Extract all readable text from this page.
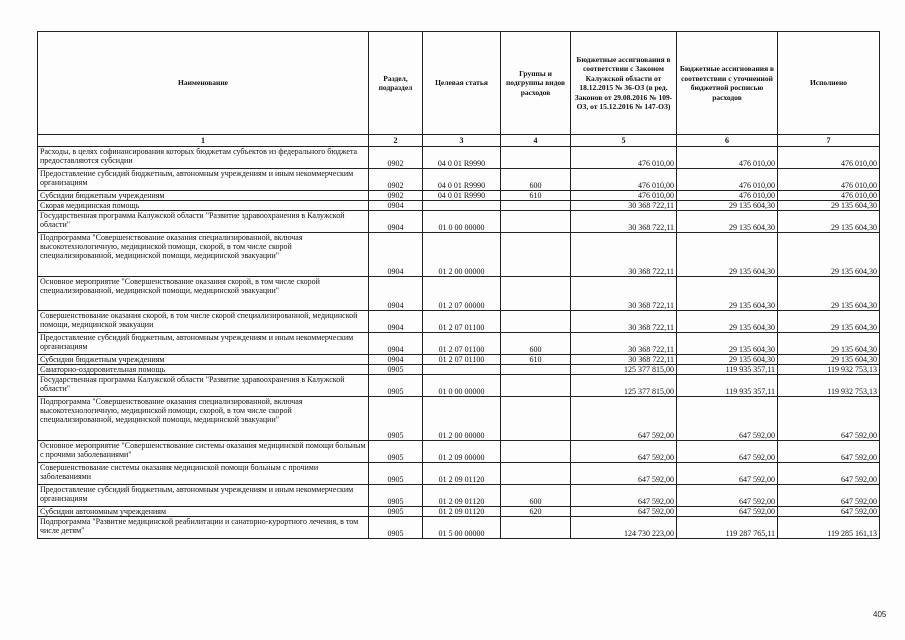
Наименование	Раздел, подраздел	Целевая статья	Группы и подгруппы видов расходов	Бюджетные ассигнования в соответствии с Законом Калужской области от 18.12.2015 № 36-ОЗ (в ред. Законов от 29.08.2016 № 109-ОЗ, от 15.12.2016 № 147-ОЗ)	Бюджетные ассигнования в соответствии с уточненной бюджетной росписью расходов	Исполнено
1	2	3	4	5	6	7
Расходы, в целях софинансирования которых бюджетам субъектов из федерального бюджета предоставляются субсидии	0902	04 0 01 R9990		476 010,00	476 010,00	476 010,00
Предоставление субсидий бюджетным, автономным учреждениям и иным некоммерческим организациям	0902	04 0 01 R9990	600	476 010,00	476 010,00	476 010,00
Субсидии бюджетным учреждениям	0902	04 0 01 R9990	610	476 010,00	476 010,00	476 010,00
Скорая медицинская помощь	0904			30 368 722,11	29 135 604,30	29 135 604,30
Государственная программа Калужской области "Развитие здравоохранения в Калужской области"	0904	01 0 00 00000		30 368 722,11	29 135 604,30	29 135 604,30
Подпрограмма "Совершенствование оказания специализированной, включая высокотехнологичную, медицинской помощи, скорой, в том числе скорой специализированной, медицинской помощи, медицинской эвакуации"	0904	01 2 00 00000		30 368 722,11	29 135 604,30	29 135 604,30
Основное мероприятие "Совершенствование оказания скорой, в том числе скорой специализированной, медицинской помощи, медицинской эвакуации"	0904	01 2 07 00000		30 368 722,11	29 135 604,30	29 135 604,30
Совершенствование оказания скорой, в том числе скорой специализированной, медицинской помощи, медицинской эвакуации	0904	01 2 07 01100		30 368 722,11	29 135 604,30	29 135 604,30
Предоставление субсидий бюджетным, автономным учреждениям и иным некоммерческим организациям	0904	01 2 07 01100	600	30 368 722,11	29 135 604,30	29 135 604,30
Субсидии бюджетным учреждениям	0904	01 2 07 01100	610	30 368 722,11	29 135 604,30	29 135 604,30
Санаторно-оздоровительная помощь	0905			125 377 815,00	119 935 357,11	119 932 753,13
Государственная программа Калужской области "Развитие здравоохранения в Калужской области"	0905	01 0 00 00000		125 377 815,00	119 935 357,11	119 932 753,13
Подпрограмма "Совершенствование оказания специализированной, включая высокотехнологичную, медицинской помощи, скорой, в том числе скорой специализированной, медицинской помощи, медицинской эвакуации"	0905	01 2 00 00000		647 592,00	647 592,00	647 592,00
Основное мероприятие "Совершенствование системы оказания медицинской помощи больным с прочими заболеваниями"	0905	01 2 09 00000		647 592,00	647 592,00	647 592,00
Совершенствование системы оказания медицинской помощи больным с прочими заболеваниями	0905	01 2 09 01120		647 592,00	647 592,00	647 592,00
Предоставление субсидий бюджетным, автономным учреждениям и иным некоммерческим организациям	0905	01 2 09 01120	600	647 592,00	647 592,00	647 592,00
Субсидии автономным учреждениям	0905	01 2 09 01120	620	647 592,00	647 592,00	647 592,00
Подпрограмма "Развитие медицинской реабилитации и санаторно-курортного лечения, в том числе детям"	0905	01 5 00 00000		124 730 223,00	119 287 765,11	119 285 161,13
405
